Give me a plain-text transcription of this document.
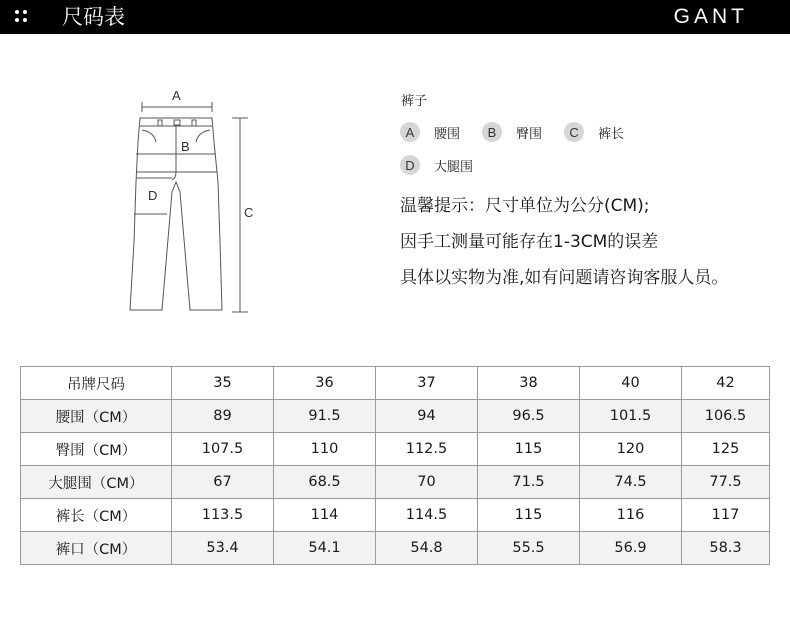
尺码表	GANT
A
B
C
D
裤子
A	腰围	B	臀围	C	裤长
D	大腿围
温馨提示：尺寸单位为公分(CM);
因手工测量可能存在1-3CM的误差
具体以实物为准,如有问题请咨询客服人员。
吊牌尺码	35	36	37	38	40	42
腰围（CM）	89	91.5	94	96.5	101.5	106.5
臀围（CM）	107.5	110	112.5	115	120	125
大腿围（CM）	67	68.5	70	71.5	74.5	77.5
裤长（CM）	113.5	114	114.5	115	116	117
裤口（CM）	53.4	54.1	54.8	55.5	56.9	58.3
